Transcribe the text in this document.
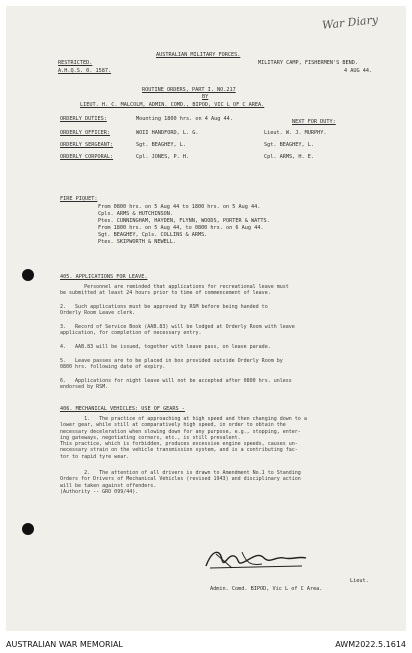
War Diary
RESTRICTED.
A.H.Q.S. 0. 1587.
AUSTRALIAN MILITARY FORCES.
MILITARY CAMP, FISHERMEN'S BEND.
4 AUG 44.
ROUTINE ORDERS, PART I. NO.217
BY
LIEUT. H. C. MALCOLM, ADMIN. COMD., BIPOD, VIC L OF C AREA.
NEXT FOR DUTY:
ORDERLY DUTIES:	Mounting 1800 hrs. on 4 Aug 44.
ORDERLY OFFICER:	WOII HANDFORD, L. G.	Lieut. W. J. MURPHY.
ORDERLY SERGEANT:	Sgt. BEAGHEY, L.	Sgt. BEAGHEY, L.
ORDERLY CORPORAL:	Cpl. JONES, P. H.	Cpl. ARMS, H. E.
FIRE PIQUET:
From 0800 hrs. on 5 Aug 44 to 1800 hrs. on 5 Aug 44.
Cpls. ARMS & HUTCHINSON.
Ptes. CUNNINGHAM, HAYDEN, FLYNN, WOODS, PORTER & WATTS.
From 1800 hrs. on 5 Aug 44, to 0800 hrs. on 6 Aug 44.
Sgt. BEAGHEY, Cpls. COLLINS & ARMS.
Ptes. SKIPWORTH & NEWELL.
405. APPLICATIONS FOR LEAVE.
Personnel are reminded that applications for recreational leave must
be submitted at least 24 hours prior to time of commencement of leave.
2.   Such applications must be approved by RSM before being handed to
Orderly Room Leave clerk.
3.   Record of Service Book (AAB.83) will be lodged at Orderly Room with leave
application, for completion of necessary entry.
4.   AAB.83 will be issued, together with leave pass, on leave parade.
5.   Leave passes are to be placed in box provided outside Orderly Room by
0800 hrs. following date of expiry.
6.   Applications for night leave will not be accepted after 0800 hrs. unless
endorsed by RSM.
406. MECHANICAL VEHICLES: USE OF GEARS -
1.   The practice of approaching at high speed and then changing down to a
lower gear, while still at comparatively high speed, in order to obtain the
necessary deceleration when slowing down for any purpose, e.g., stopping, enter-
ing gateways, negotiating corners, etc., is still prevalent.
This practice, which is forbidden, produces excessive engine speeds, causes un-
necessary strain on the vehicle transmission system, and is a contributing fac-
tor to rapid tyre wear.
2.   The attention of all drivers is drawn to Amendment No.1 to Standing
Orders for Drivers of Mechanical Vehicles (revised 1943) and disciplinary action
will be taken against offenders.
(Authority -- GRO 099/44).
Lieut.
Admin. Comd. BIPOD, Vic L of C Area.
AUSTRALIAN WAR MEMORIAL	AWM2022.5.1614
